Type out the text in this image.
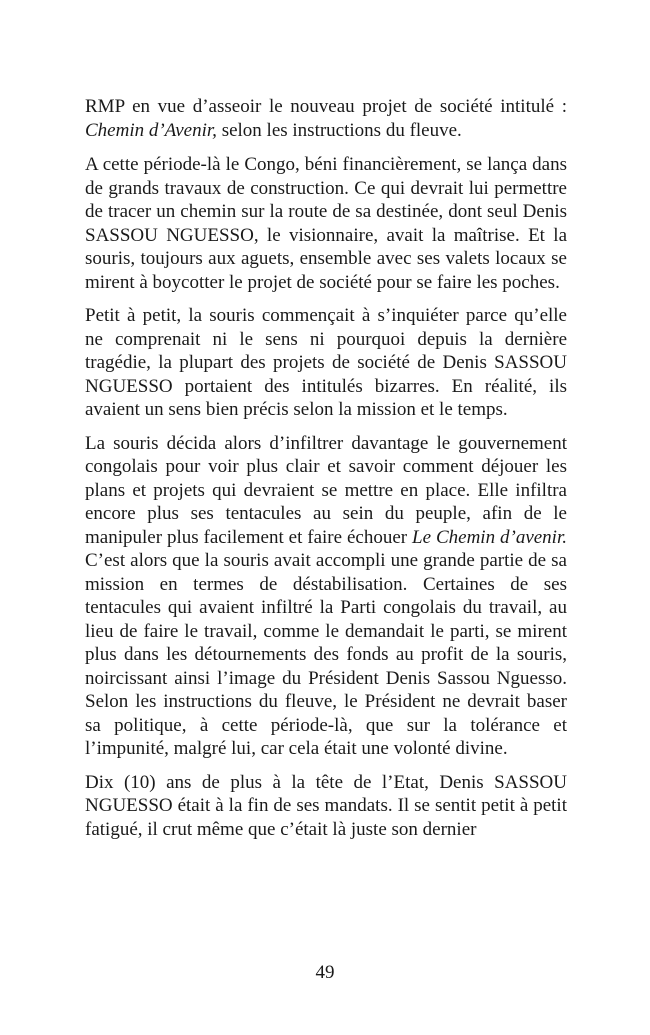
RMP en vue d’asseoir le nouveau projet de société intitulé : Chemin d’Avenir, selon les instructions du fleuve.

A cette période-là le Congo, béni financièrement, se lança dans de grands travaux de construction. Ce qui devrait lui permettre de tracer un chemin sur la route de sa destinée, dont seul Denis SASSOU NGUESSO, le visionnaire, avait la maîtrise. Et la souris, toujours aux aguets, ensemble avec ses valets locaux se mirent à boycotter le projet de société pour se faire les poches.

Petit à petit, la souris commençait à s’inquiéter parce qu’elle ne comprenait ni le sens ni pourquoi depuis la dernière tragédie, la plupart des projets de société de Denis SASSOU NGUESSO portaient des intitulés bizarres. En réalité, ils avaient un sens bien précis selon la mission et le temps.

La souris décida alors d’infiltrer davantage le gouvernement congolais pour voir plus clair et savoir comment déjouer les plans et projets qui devraient se mettre en place. Elle infiltra encore plus ses tentacules au sein du peuple, afin de le manipuler plus facilement et faire échouer Le Chemin d’avenir. C’est alors que la souris avait accompli une grande partie de sa mission en termes de déstabilisation. Certaines de ses tentacules qui avaient infiltré la Parti congolais du travail, au lieu de faire le travail, comme le demandait le parti, se mirent plus dans les détournements des fonds au profit de la souris, noircissant ainsi l’image du Président Denis Sassou Nguesso. Selon les instructions du fleuve, le Président ne devrait baser sa politique, à cette période-là, que sur la tolérance et l’impunité, malgré lui, car cela était une volonté divine.

Dix (10) ans de plus à la tête de l’Etat, Denis SASSOU NGUESSO était à la fin de ses mandats. Il se sentit petit à petit fatigué, il crut même que c’était là juste son dernier

49
